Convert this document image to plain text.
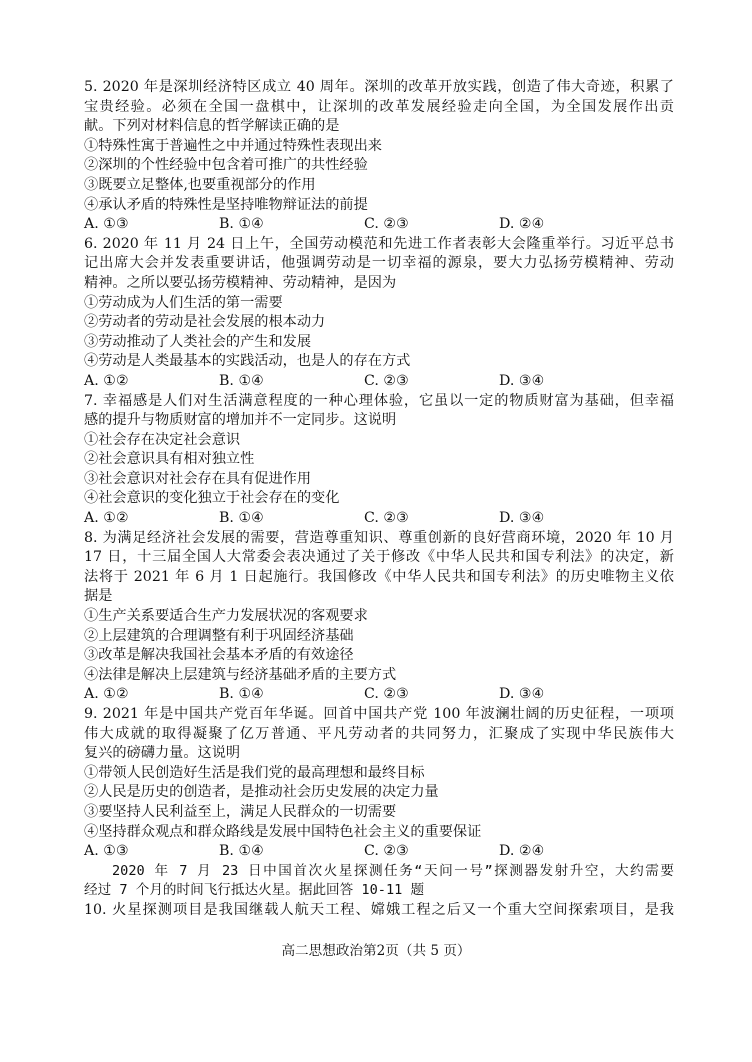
5. 2020 年是深圳经济特区成立 40 周年。深圳的改革开放实践，创造了伟大奇迹，积累了
宝贵经验。必须在全国一盘棋中，让深圳的改革发展经验走向全国，为全国发展作出贡
献。下列对材料信息的哲学解读正确的是
①特殊性寓于普遍性之中并通过特殊性表现出来
②深圳的个性经验中包含着可推广的共性经验
③既要立足整体,也要重视部分的作用
④承认矛盾的特殊性是坚持唯物辩证法的前提
A. ①③	B. ①④	C. ②③	D. ②④
6. 2020 年 11 月 24 日上午，全国劳动模范和先进工作者表彰大会隆重举行。习近平总书
记出席大会并发表重要讲话，他强调劳动是一切幸福的源泉，要大力弘扬劳模精神、劳动
精神。之所以要弘扬劳模精神、劳动精神，是因为
①劳动成为人们生活的第一需要
②劳动者的劳动是社会发展的根本动力
③劳动推动了人类社会的产生和发展
④劳动是人类最基本的实践活动，也是人的存在方式
A. ①②	B. ①④	C. ②③	D. ③④
7. 幸福感是人们对生活满意程度的一种心理体验，它虽以一定的物质财富为基础，但幸福
感的提升与物质财富的增加并不一定同步。这说明
①社会存在决定社会意识
②社会意识具有相对独立性
③社会意识对社会存在具有促进作用
④社会意识的变化独立于社会存在的变化
A. ①②	B. ①④	C. ②③	D. ③④
8. 为满足经济社会发展的需要，营造尊重知识、尊重创新的良好营商环境，2020 年 10 月
17 日，十三届全国人大常委会表决通过了关于修改《中华人民共和国专利法》的决定，新
法将于 2021 年 6 月 1 日起施行。我国修改《中华人民共和国专利法》的历史唯物主义依
据是
①生产关系要适合生产力发展状况的客观要求
②上层建筑的合理调整有利于巩固经济基础
③改革是解决我国社会基本矛盾的有效途径
④法律是解决上层建筑与经济基础矛盾的主要方式
A. ①②	B. ①④	C. ②③	D. ③④
9. 2021 年是中国共产党百年华诞。回首中国共产党 100 年波澜壮阔的历史征程，一项项
伟大成就的取得凝聚了亿万普通、平凡劳动者的共同努力，汇聚成了实现中华民族伟大
复兴的磅礴力量。这说明
①带领人民创造好生活是我们党的最高理想和最终目标
②人民是历史的创造者，是推动社会历史发展的决定力量
③要坚持人民利益至上，满足人民群众的一切需要
④坚持群众观点和群众路线是发展中国特色社会主义的重要保证
A. ①③	B. ①④	C. ②③	D. ②④
2020 年 7 月 23 日中国首次火星探测任务“天问一号”探测器发射升空，大约需要
经过 7 个月的时间飞行抵达火星。据此回答 10-11 题
10. 火星探测项目是我国继载人航天工程、嫦娥工程之后又一个重大空间探索项目，是我
高二思想政治第2页（共 5 页）
